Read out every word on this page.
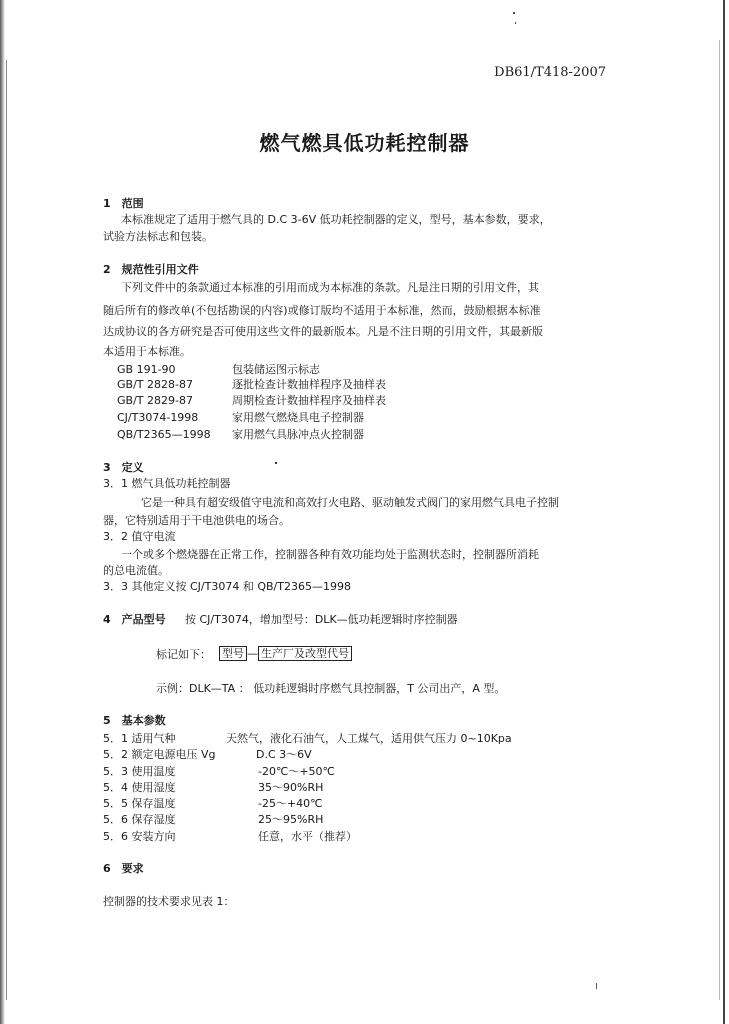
DB61/T418-2007
燃气燃具低功耗控制器
1　范围
本标准规定了适用于燃气具的 D.C 3-6V 低功耗控制器的定义，型号，基本参数，要求，
试验方法标志和包装。
2　规范性引用文件
下列文件中的条款通过本标准的引用而成为本标准的条款。凡是注日期的引用文件，其
随后所有的修改单(不包括勘误的内容)或修订版均不适用于本标准，然而，鼓励根据本标准
达成协议的各方研究是否可使用这些文件的最新版本。凡是不注日期的引用文件，其最新版
本适用于本标准。
GB 191-90	包装储运图示标志
GB/T 2828-87	逐批检查计数抽样程序及抽样表
GB/T 2829-87	周期检查计数抽样程序及抽样表
CJ/T3074-1998	家用燃气燃烧具电子控制器
QB/T2365—1998 家用燃气具脉冲点火控制器
3　定义
3．1 燃气具低功耗控制器
它是一种具有超安级值守电流和高效打火电路、驱动触发式阀门的家用燃气具电子控制
器，它特别适用于干电池供电的场合。
3．2 值守电流
一个或多个燃烧器在正常工作，控制器各种有效功能均处于监测状态时，控制器所消耗
的总电流值。
3．3 其他定义按 CJ/T3074 和 QB/T2365—1998
4　产品型号 按 CJ/T3074，增加型号：DLK—低功耗逻辑时序控制器
标记如下： 型号 — 生产厂及改型代号
示例：DLK—TA ： 低功耗逻辑时序燃气具控制器，T 公司出产，A 型。
5　基本参数
5．1 适用气种	天然气，液化石油气，人工煤气，适用供气压力 0~10Kpa
5．2 额定电源电压 Vg	D.C 3～6V
5．3 使用温度	-20℃～+50℃
5．4 使用湿度	35～90%RH
5．5 保存温度	-25～+40℃
5．6 保存湿度	25～95%RH
5．6 安装方向	任意，水平（推荐）
6　要求
控制器的技术要求见表 1：
